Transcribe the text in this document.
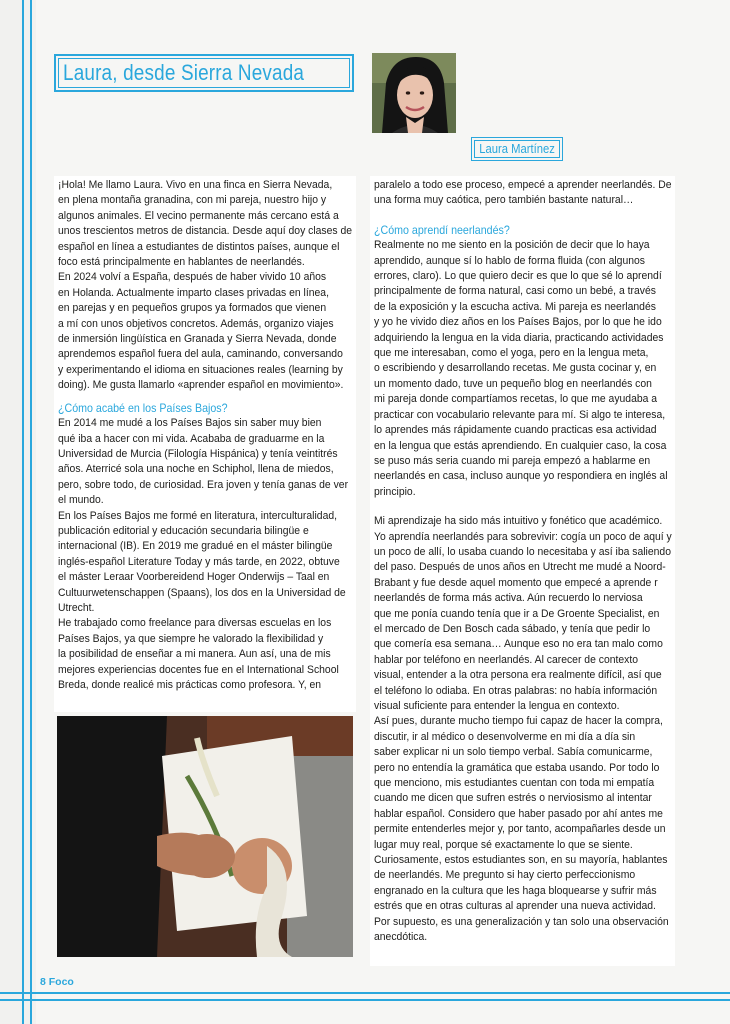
Laura, desde Sierra Nevada
Laura Martínez
¡Hola! Me llamo Laura. Vivo en una finca en Sierra Nevada,
en plena montaña granadina, con mi pareja, nuestro hijo y
algunos animales. El vecino permanente más cercano está a
unos trescientos metros de distancia. Desde aquí doy clases de
español en línea a estudiantes de distintos países, aunque el
foco está principalmente en hablantes de neerlandés.
En 2024 volví a España, después de haber vivido 10 años
en Holanda. Actualmente imparto clases privadas en línea,
en parejas y en pequeños grupos ya formados que vienen
a mí con unos objetivos concretos. Además, organizo viajes
de inmersión lingüística en Granada y Sierra Nevada, donde
aprendemos español fuera del aula, caminando, conversando
y experimentando el idioma en situaciones reales (learning by
doing). Me gusta llamarlo «aprender español en movimiento».
¿Cómo acabé en los Países Bajos?
En 2014 me mudé a los Países Bajos sin saber muy bien
qué iba a hacer con mi vida. Acababa de graduarme en la
Universidad de Murcia (Filología Hispánica) y tenía veintitrés
años. Aterricé sola una noche en Schiphol, llena de miedos,
pero, sobre todo, de curiosidad. Era joven y tenía ganas de ver
el mundo.
En los Países Bajos me formé en literatura, interculturalidad,
publicación editorial y educación secundaria bilingüe e
internacional (IB). En 2019 me gradué en el máster bilingüe
inglés-español Literature Today y más tarde, en 2022, obtuve
el máster Leraar Voorbereidend Hoger Onderwijs – Taal en
Cultuurwetenschappen (Spaans), los dos en la Universidad de
Utrecht.
He trabajado como freelance para diversas escuelas en los
Países Bajos, ya que siempre he valorado la flexibilidad y
la posibilidad de enseñar a mi manera. Aun así, una de mis
mejores experiencias docentes fue en el International School
Breda, donde realicé mis prácticas como profesora. Y, en
paralelo a todo ese proceso, empecé a aprender neerlandés. De
una forma muy caótica, pero también bastante natural…
¿Cómo aprendí neerlandés?
Realmente no me siento en la posición de decir que lo haya
aprendido, aunque sí lo hablo de forma fluida (con algunos
errores, claro). Lo que quiero decir es que lo que sé lo aprendí
principalmente de forma natural, casi como un bebé, a través
de la exposición y la escucha activa. Mi pareja es neerlandés
y yo he vivido diez años en los Países Bajos, por lo que he ido
adquiriendo la lengua en la vida diaria, practicando actividades
que me interesaban, como el yoga, pero en la lengua meta,
o escribiendo y desarrollando recetas. Me gusta cocinar y, en
un momento dado, tuve un pequeño blog en neerlandés con
mi pareja donde compartíamos recetas, lo que me ayudaba a
practicar con vocabulario relevante para mí. Si algo te interesa,
lo aprendes más rápidamente cuando practicas esa actividad
en la lengua que estás aprendiendo. En cualquier caso, la cosa
se puso más seria cuando mi pareja empezó a hablarme en
neerlandés en casa, incluso aunque yo respondiera en inglés al
principio.
Mi aprendizaje ha sido más intuitivo y fonético que académico.
Yo aprendía neerlandés para sobrevivir: cogía un poco de aquí y
un poco de allí, lo usaba cuando lo necesitaba y así iba saliendo
del paso. Después de unos años en Utrecht me mudé a Noord-
Brabant y fue desde aquel momento que empecé a aprende r
neerlandés de forma más activa. Aún recuerdo lo nerviosa
que me ponía cuando tenía que ir a De Groente Specialist, en
el mercado de Den Bosch cada sábado, y tenía que pedir lo
que comería esa semana… Aunque eso no era tan malo como
hablar por teléfono en neerlandés. Al carecer de contexto
visual, entender a la otra persona era realmente difícil, así que
el teléfono lo odiaba. En otras palabras: no había información
visual suficiente para entender la lengua en contexto.
Así pues, durante mucho tiempo fui capaz de hacer la compra,
discutir, ir al médico o desenvolverme en mi día a día sin
saber explicar ni un solo tiempo verbal. Sabía comunicarme,
pero no entendía la gramática que estaba usando. Por todo lo
que menciono, mis estudiantes cuentan con toda mi empatía
cuando me dicen que sufren estrés o nerviosismo al intentar
hablar español. Considero que haber pasado por ahí antes me
permite entenderles mejor y, por tanto, acompañarles desde un
lugar muy real, porque sé exactamente lo que se siente.
Curiosamente, estos estudiantes son, en su mayoría, hablantes
de neerlandés. Me pregunto si hay cierto perfeccionismo
engranado en la cultura que les haga bloquearse y sufrir más
estrés que en otras culturas al aprender una nueva actividad.
Por supuesto, es una generalización y tan solo una observación
anecdótica.
8 Foco
